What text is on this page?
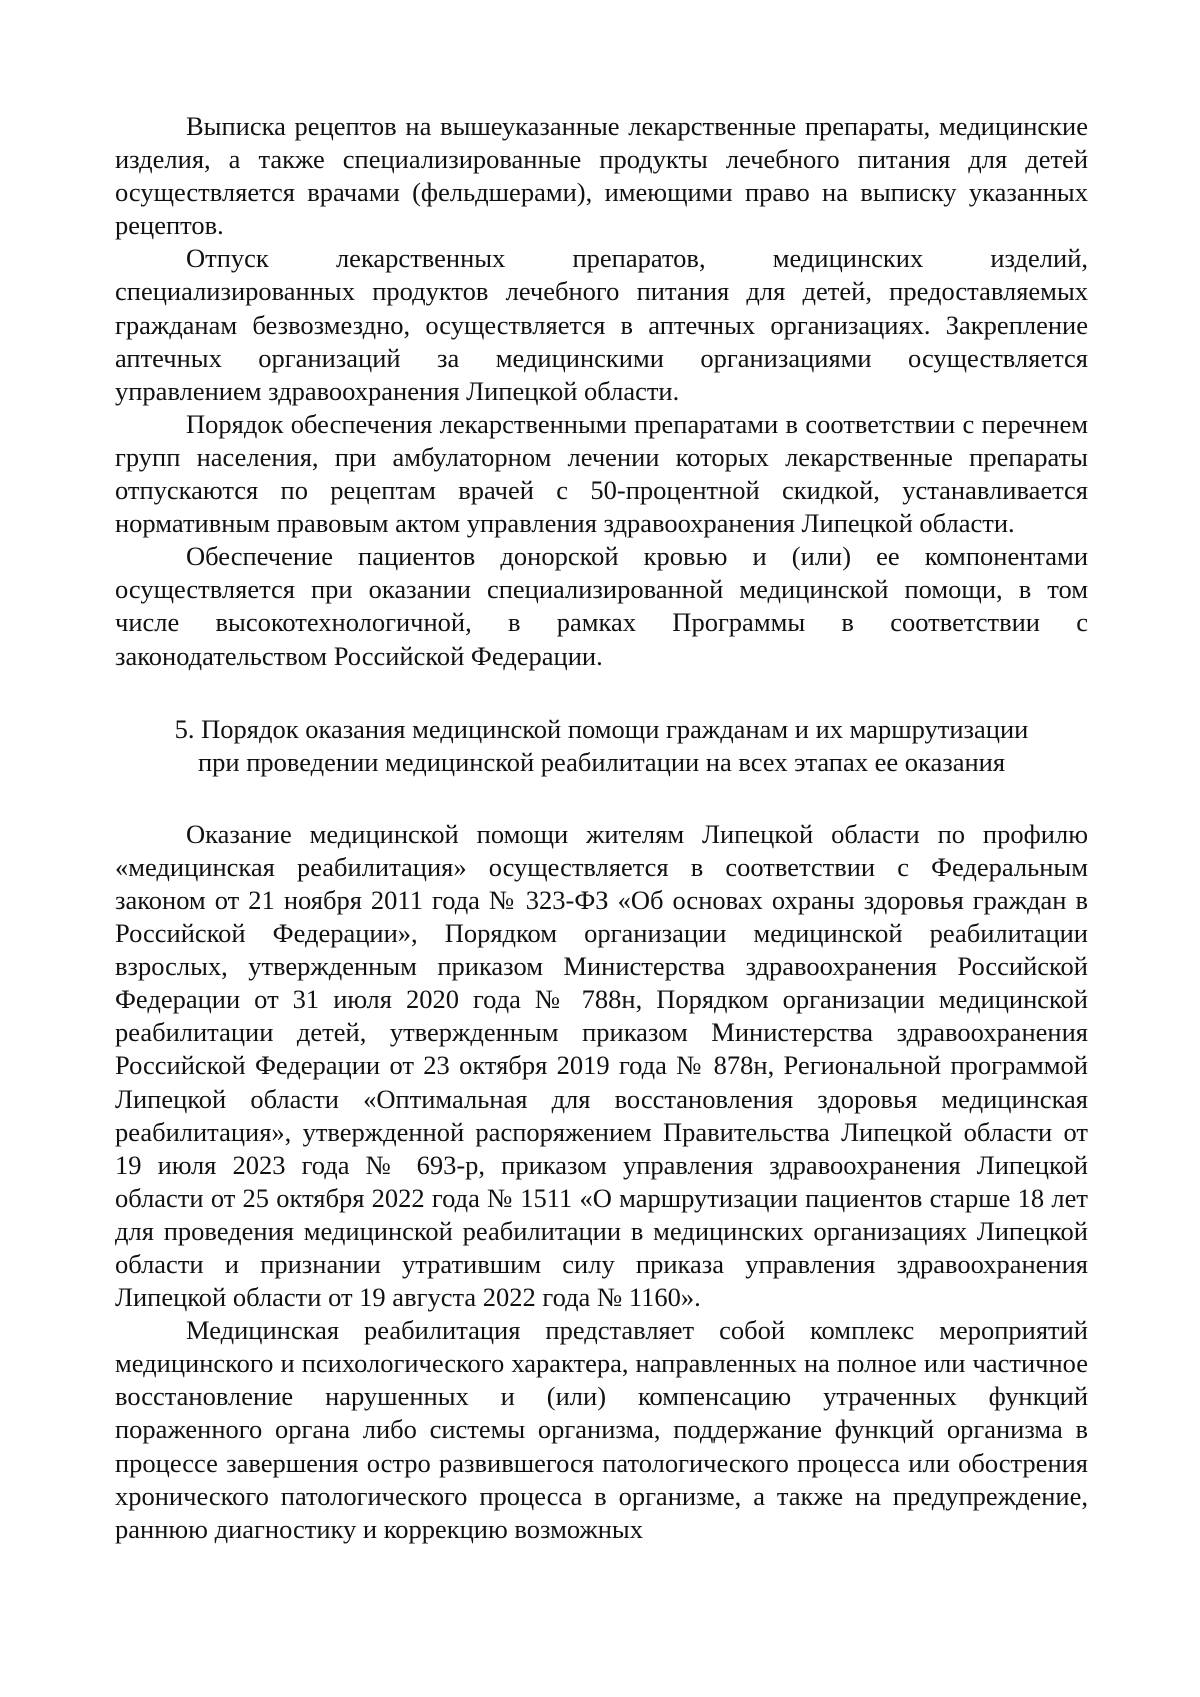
Выписка рецептов на вышеуказанные лекарственные препараты, медицинские изделия, а также специализированные продукты лечебного питания для детей осуществляется врачами (фельдшерами), имеющими право на выписку указанных рецептов.

Отпуск лекарственных препаратов, медицинских изделий, специализированных продуктов лечебного питания для детей, предоставляемых гражданам безвозмездно, осуществляется в аптечных организациях. Закрепление аптечных организаций за медицинскими организациями осуществляется управлением здравоохранения Липецкой области.

Порядок обеспечения лекарственными препаратами в соответствии с перечнем групп населения, при амбулаторном лечении которых лекарственные препараты отпускаются по рецептам врачей с 50-процентной скидкой, устанавливается нормативным правовым актом управления здравоохранения Липецкой области.

Обеспечение пациентов донорской кровью и (или) ее компонентами осуществляется при оказании специализированной медицинской помощи, в том числе высокотехнологичной, в рамках Программы в соответствии с законодательством Российской Федерации.

5. Порядок оказания медицинской помощи гражданам и их маршрутизации
при проведении медицинской реабилитации на всех этапах ее оказания

Оказание медицинской помощи жителям Липецкой области по профилю «медицинская реабилитация» осуществляется в соответствии с Федеральным законом от 21 ноября 2011 года № 323-ФЗ «Об основах охраны здоровья граждан в Российской Федерации», Порядком организации медицинской реабилитации взрослых, утвержденным приказом Министерства здравоохранения Российской Федерации от 31 июля 2020 года № 788н, Порядком организации медицинской реабилитации детей, утвержденным приказом Министерства здравоохранения Российской Федерации от 23 октября 2019 года № 878н, Региональной программой Липецкой области «Оптимальная для восстановления здоровья медицинская реабилитация», утвержденной распоряжением Правительства Липецкой области от 19 июля 2023 года № 693-р, приказом управления здравоохранения Липецкой области от 25 октября 2022 года № 1511 «О маршрутизации пациентов старше 18 лет для проведения медицинской реабилитации в медицинских организациях Липецкой области и признании утратившим силу приказа управления здравоохранения Липецкой области от 19 августа 2022 года № 1160».

Медицинская реабилитация представляет собой комплекс мероприятий медицинского и психологического характера, направленных на полное или частичное восстановление нарушенных и (или) компенсацию утраченных функций пораженного органа либо системы организма, поддержание функций организма в процессе завершения остро развившегося патологического процесса или обострения хронического патологического процесса в организме, а также на предупреждение, раннюю диагностику и коррекцию возможных
